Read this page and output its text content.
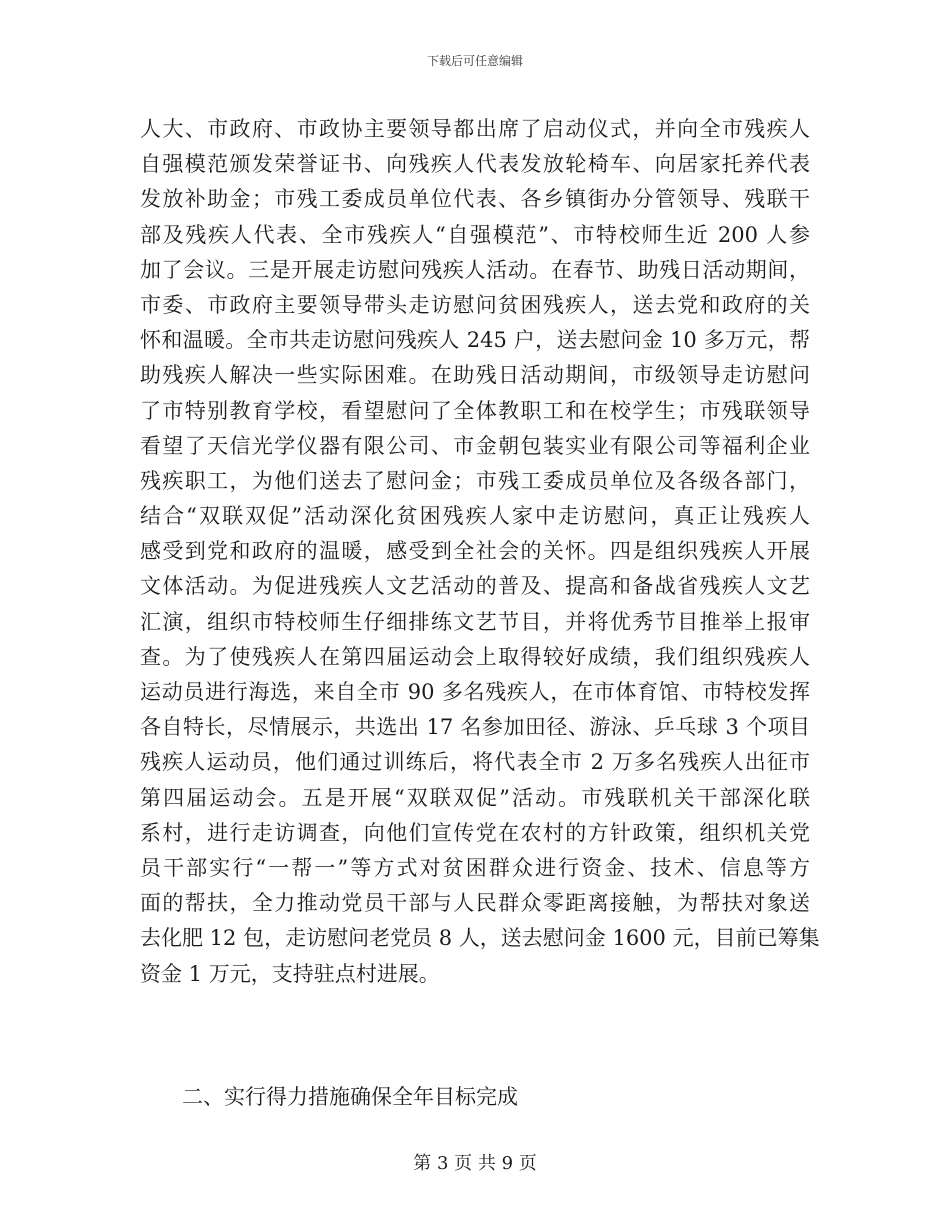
下载后可任意编辑
人大、市政府、市政协主要领导都出席了启动仪式，并向全市残疾人
自强模范颁发荣誉证书、向残疾人代表发放轮椅车、向居家托养代表
发放补助金；市残工委成员单位代表、各乡镇街办分管领导、残联干
部及残疾人代表、全市残疾人“自强模范”、市特校师生近 200 人参
加了会议。三是开展走访慰问残疾人活动。在春节、助残日活动期间，
市委、市政府主要领导带头走访慰问贫困残疾人，送去党和政府的关
怀和温暖。全市共走访慰问残疾人 245 户，送去慰问金 10 多万元，帮
助残疾人解决一些实际困难。在助残日活动期间，市级领导走访慰问
了市特别教育学校，看望慰问了全体教职工和在校学生；市残联领导
看望了天信光学仪器有限公司、市金朝包装实业有限公司等福利企业
残疾职工，为他们送去了慰问金；市残工委成员单位及各级各部门，
结合“双联双促”活动深化贫困残疾人家中走访慰问，真正让残疾人
感受到党和政府的温暖，感受到全社会的关怀。四是组织残疾人开展
文体活动。为促进残疾人文艺活动的普及、提高和备战省残疾人文艺
汇演，组织市特校师生仔细排练文艺节目，并将优秀节目推举上报审
查。为了使残疾人在第四届运动会上取得较好成绩，我们组织残疾人
运动员进行海选，来自全市 90 多名残疾人，在市体育馆、市特校发挥
各自特长，尽情展示，共选出 17 名参加田径、游泳、乒乓球 3 个项目
残疾人运动员，他们通过训练后，将代表全市 2 万多名残疾人出征市
第四届运动会。五是开展“双联双促”活动。市残联机关干部深化联
系村，进行走访调查，向他们宣传党在农村的方针政策，组织机关党
员干部实行“一帮一”等方式对贫困群众进行资金、技术、信息等方
面的帮扶，全力推动党员干部与人民群众零距离接触，为帮扶对象送
去化肥 12 包，走访慰问老党员 8 人，送去慰问金 1600 元，目前已筹集
资金 1 万元，支持驻点村进展。
二、实行得力措施确保全年目标完成
第 3 页 共 9 页
